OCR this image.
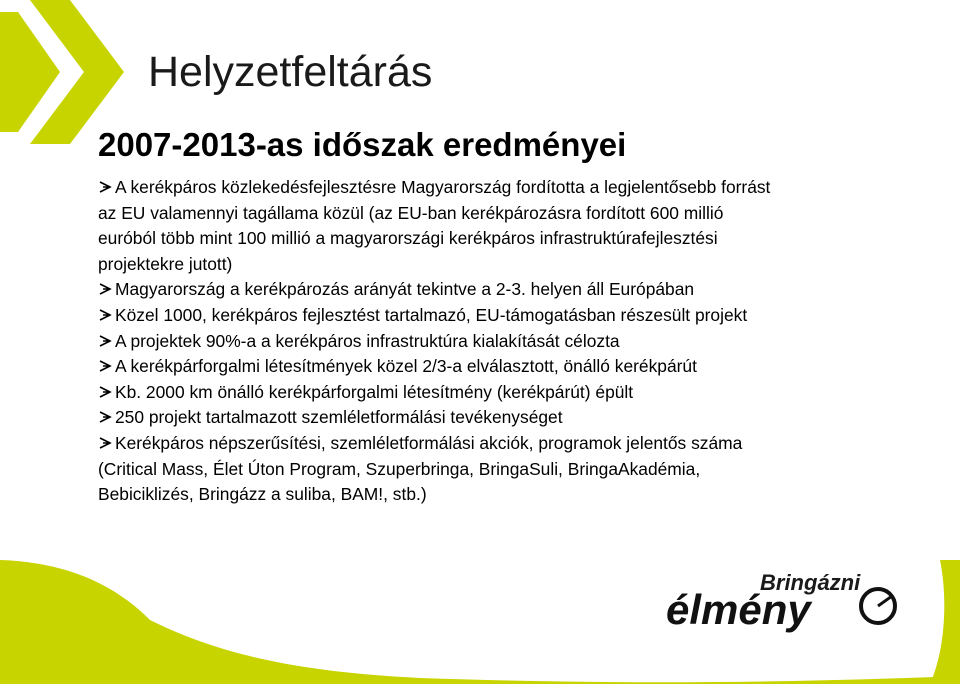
Helyzetfeltárás
2007-2013-as időszak eredményei
A kerékpáros közlekedésfejlesztésre Magyarország fordította a legjelentősebb forrást
az EU valamennyi tagállama közül (az EU-ban kerékpározásra fordított 600 millió
euróból több mint 100 millió a magyarországi kerékpáros infrastruktúrafejlesztési
projektekre jutott)
Magyarország a kerékpározás arányát tekintve a 2-3. helyen áll Európában
Közel 1000, kerékpáros fejlesztést tartalmazó, EU-támogatásban részesült projekt
A projektek 90%-a a kerékpáros infrastruktúra kialakítását célozta
A kerékpárforgalmi létesítmények közel 2/3-a elválasztott, önálló kerékpárút
Kb. 2000 km önálló kerékpárforgalmi létesítmény (kerékpárút) épült
250 projekt tartalmazott szemléletformálási tevékenységet
Kerékpáros népszerűsítési, szemléletformálási akciók, programok jelentős száma
(Critical Mass, Élet Úton Program, Szuperbringa, BringaSuli, BringaAkadémia,
Bebiciklizés, Bringázz a suliba, BAM!, stb.)
Bringázni
élmény
